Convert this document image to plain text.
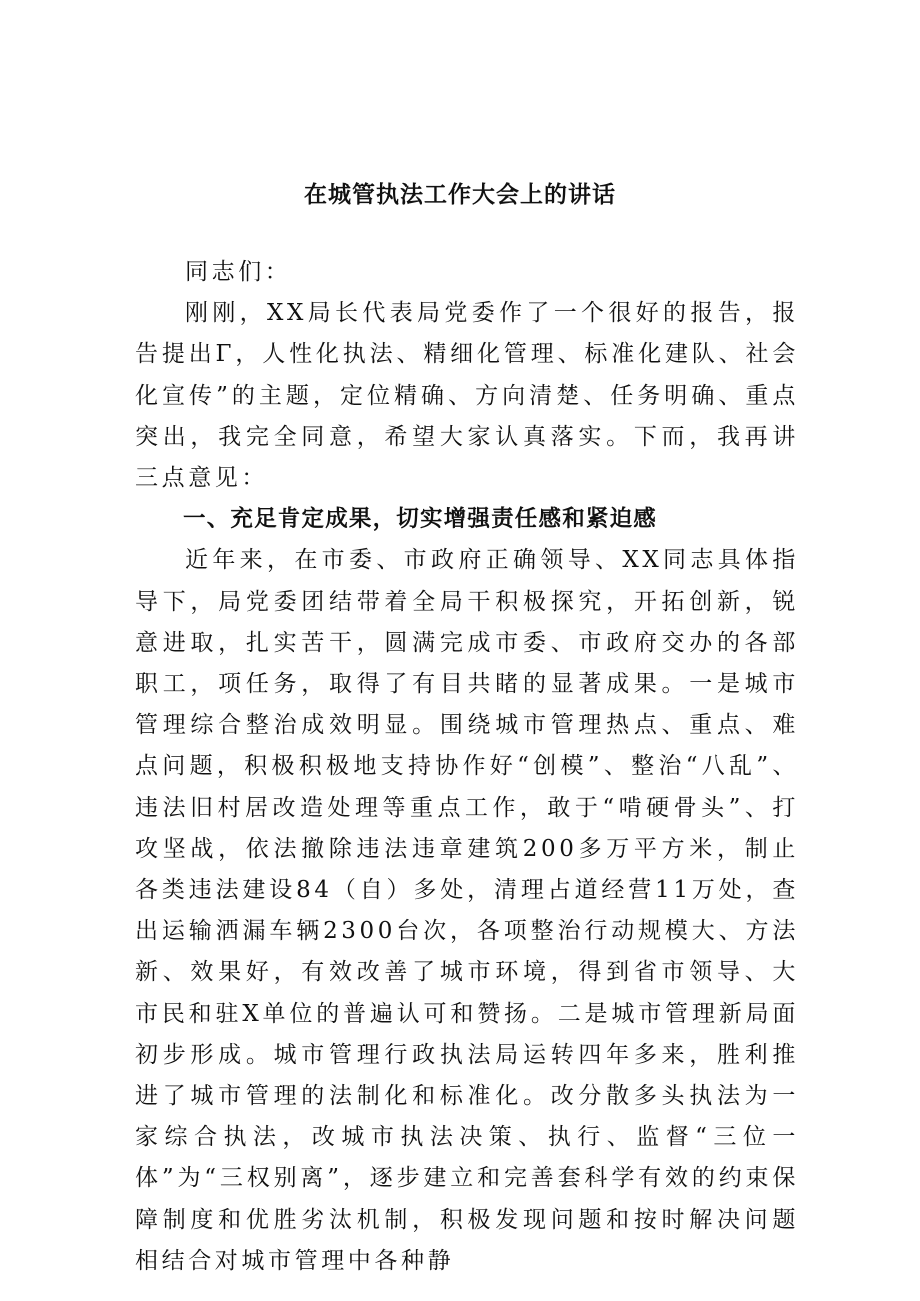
在城管执法工作大会上的讲话

同志们：

刚刚，XX局长代表局党委作了一个很好的报告，报告提出Γ，人性化执法、精细化管理、标准化建队、社会化宣传”的主题，定位精确、方向清楚、任务明确、重点突出，我完全同意，希望大家认真落实。下而，我再讲三点意见：

一、充足肯定成果，切实增强责任感和紧迫感

近年来，在市委、市政府正确领导、XX同志具体指导下，局党委团结带着全局干积极探究，开拓创新，锐意进取，扎实苦干，圆满完成市委、市政府交办的各部职工，项任务，取得了有目共睹的显著成果。一是城市管理综合整治成效明显。围绕城市管理热点、重点、难点问题，积极积极地支持协作好“创模”、整治“八乱”、违法旧村居改造处理等重点工作，敢于“啃硬骨头”、打攻坚战，依法撤除违法违章建筑200多万平方米，制止各类违法建设84（自）多处，清理占道经营11万处，查出运输洒漏车辆2300台次，各项整治行动规模大、方法新、效果好，有效改善了城市环境，得到省市领导、大市民和驻X单位的普遍认可和赞扬。二是城市管理新局面初步形成。城市管理行政执法局运转四年多来，胜利推进了城市管理的法制化和标准化。改分散多头执法为一家综合执法，改城市执法决策、执行、监督“三位一体”为“三权别离”，逐步建立和完善套科学有效的约束保障制度和优胜劣汰机制，积极发现问题和按时解决问题相结合对城市管理中各种静
